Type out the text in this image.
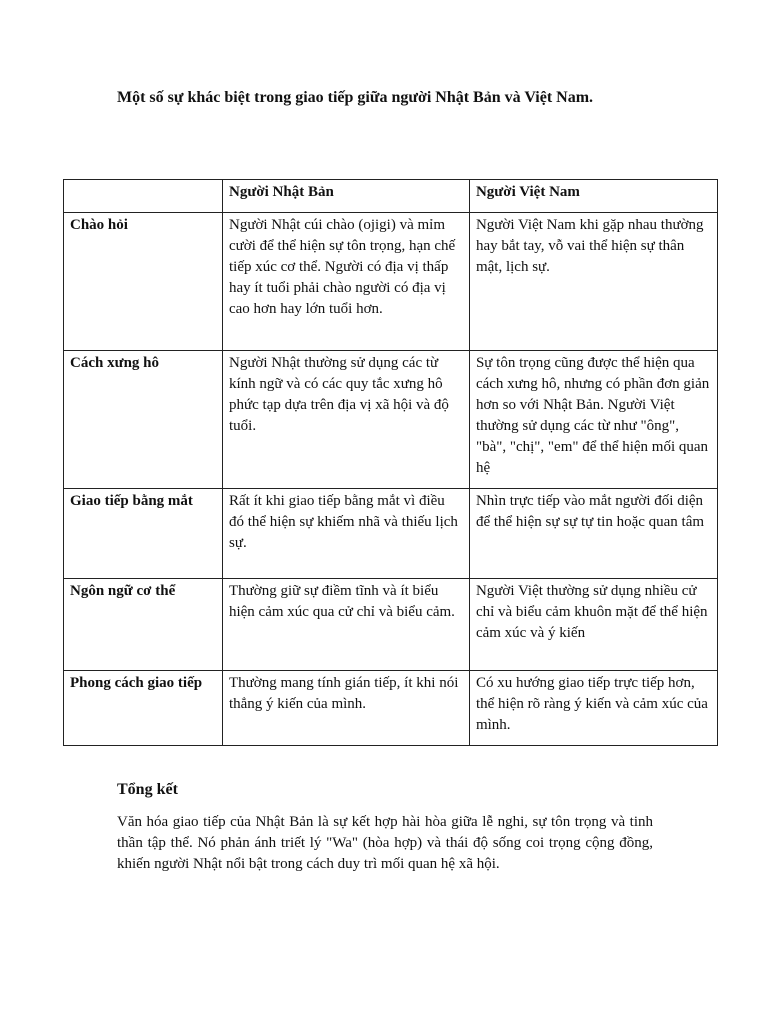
Một số sự khác biệt trong giao tiếp giữa người Nhật Bản và Việt Nam.
	Người Nhật Bản	Người Việt Nam
Chào hỏi	Người Nhật cúi chào (ojigi) và mỉm cười để thể hiện sự tôn trọng, hạn chế tiếp xúc cơ thể. Người có địa vị thấp hay ít tuổi phải chào người có địa vị cao hơn hay lớn tuổi hơn.	Người Việt Nam khi gặp nhau thường hay bắt tay, vỗ vai thể hiện sự thân mật, lịch sự.
Cách xưng hô	Người Nhật thường sử dụng các từ kính ngữ và có các quy tắc xưng hô phức tạp dựa trên địa vị xã hội và độ tuổi.	Sự tôn trọng cũng được thể hiện qua cách xưng hô, nhưng có phần đơn giản hơn so với Nhật Bản. Người Việt thường sử dụng các từ như "ông", "bà", "chị", "em" để thể hiện mối quan hệ
Giao tiếp bằng mắt	Rất ít khi giao tiếp bằng mắt vì điều đó thể hiện sự khiếm nhã và thiếu lịch sự.	Nhìn trực tiếp vào mắt người đối diện để thể hiện sự sự tự tin hoặc quan tâm
Ngôn ngữ cơ thể	Thường giữ sự điềm tĩnh và ít biểu hiện cảm xúc qua cử chỉ và biểu cảm.	Người Việt thường sử dụng nhiều cử chỉ và biểu cảm khuôn mặt để thể hiện cảm xúc và ý kiến
Phong cách giao tiếp	Thường mang tính gián tiếp, ít khi nói thẳng ý kiến của mình.	Có xu hướng giao tiếp trực tiếp hơn, thể hiện rõ ràng ý kiến và cảm xúc của mình.
Tổng kết

Văn hóa giao tiếp của Nhật Bản là sự kết hợp hài hòa giữa lễ nghi, sự tôn trọng và tinh thần tập thể. Nó phản ánh triết lý "Wa" (hòa hợp) và thái độ sống coi trọng cộng đồng, khiến người Nhật nổi bật trong cách duy trì mối quan hệ xã hội.
